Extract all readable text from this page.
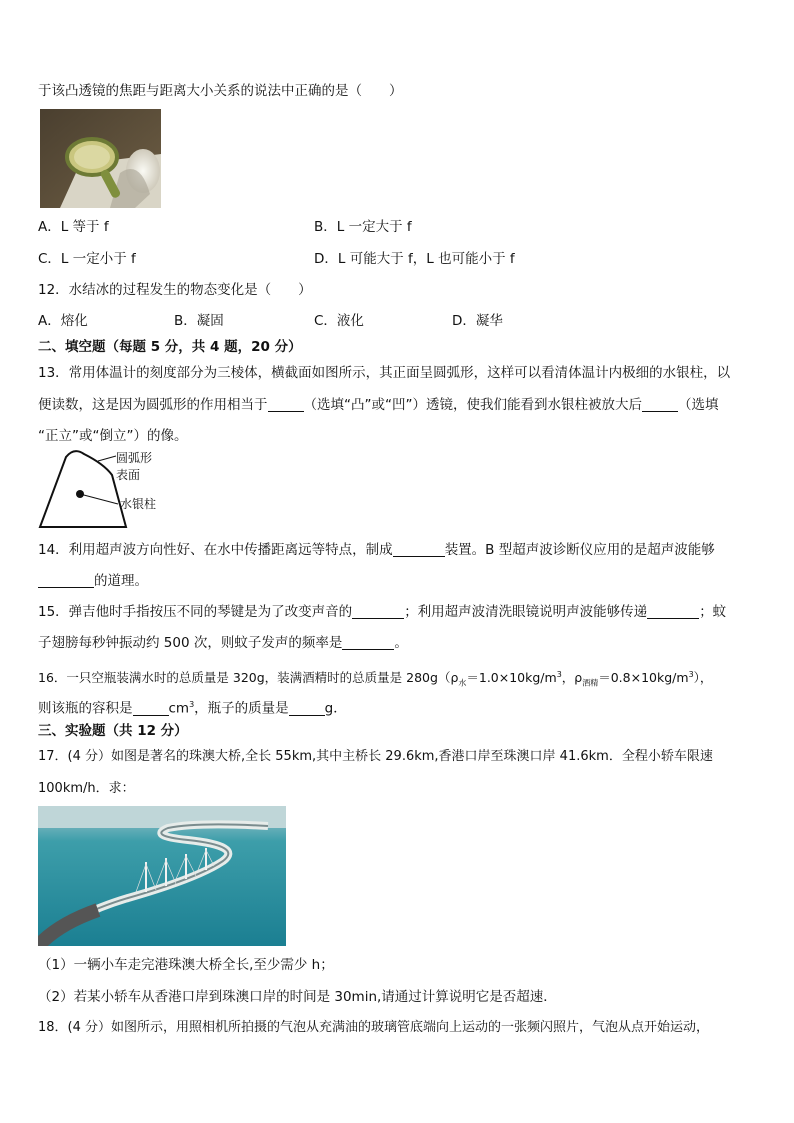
于该凸透镜的焦距与距离大小关系的说法中正确的是（　　）
A．L 等于 f	B．L 一定大于 f
C．L 一定小于 f	D．L 可能大于 f，L 也可能小于 f
12．水结冰的过程发生的物态变化是（　　）
A．熔化	B．凝固	C．液化	D．凝华
二、填空题（每题 5 分，共 4 题，20 分）
13．常用体温计的刻度部分为三棱体，横截面如图所示，其正面呈圆弧形，这样可以看清体温计内极细的水银柱，以
便读数，这是因为圆弧形的作用相当于	（选填“凸”或“凹”）透镜，使我们能看到水银柱被放大后	（选填
“正立”或“倒立”）的像。
圆弧形
表面
水银柱
14．利用超声波方向性好、在水中传播距离远等特点，制成	装置。B 型超声波诊断仪应用的是超声波能够
的道理。
15．弹吉他时手指按压不同的琴键是为了改变声音的	；利用超声波清洗眼镜说明声波能够传递	；蚊
子翅膀每秒钟振动约 500 次，则蚊子发声的频率是	。
16．一只空瓶装满水时的总质量是 320g，装满酒精时的总质量是 $280g(\rho_水=1.0\times 10kg/m^3$，$\rho_{酒精}=0.8\times 10kg/m^3$），
则该瓶的容积是	$cm^3$，瓶子的质量是	g．
三、实验题（共 12 分）
17．(4 分）如图是著名的珠澳大桥,全长 55km,其中主桥长 29.6km,香港口岸至珠澳口岸 41.6km．全程小轿车限速
100km/h．求：
（1）一辆小车走完港珠澳大桥全长,至少需少 h；
（2）若某小轿车从香港口岸到珠澳口岸的时间是 30min,请通过计算说明它是否超速．
18．(4 分）如图所示，用照相机所拍摄的气泡从充满油的玻璃管底端向上运动的一张频闪照片，气泡从点开始运动，
